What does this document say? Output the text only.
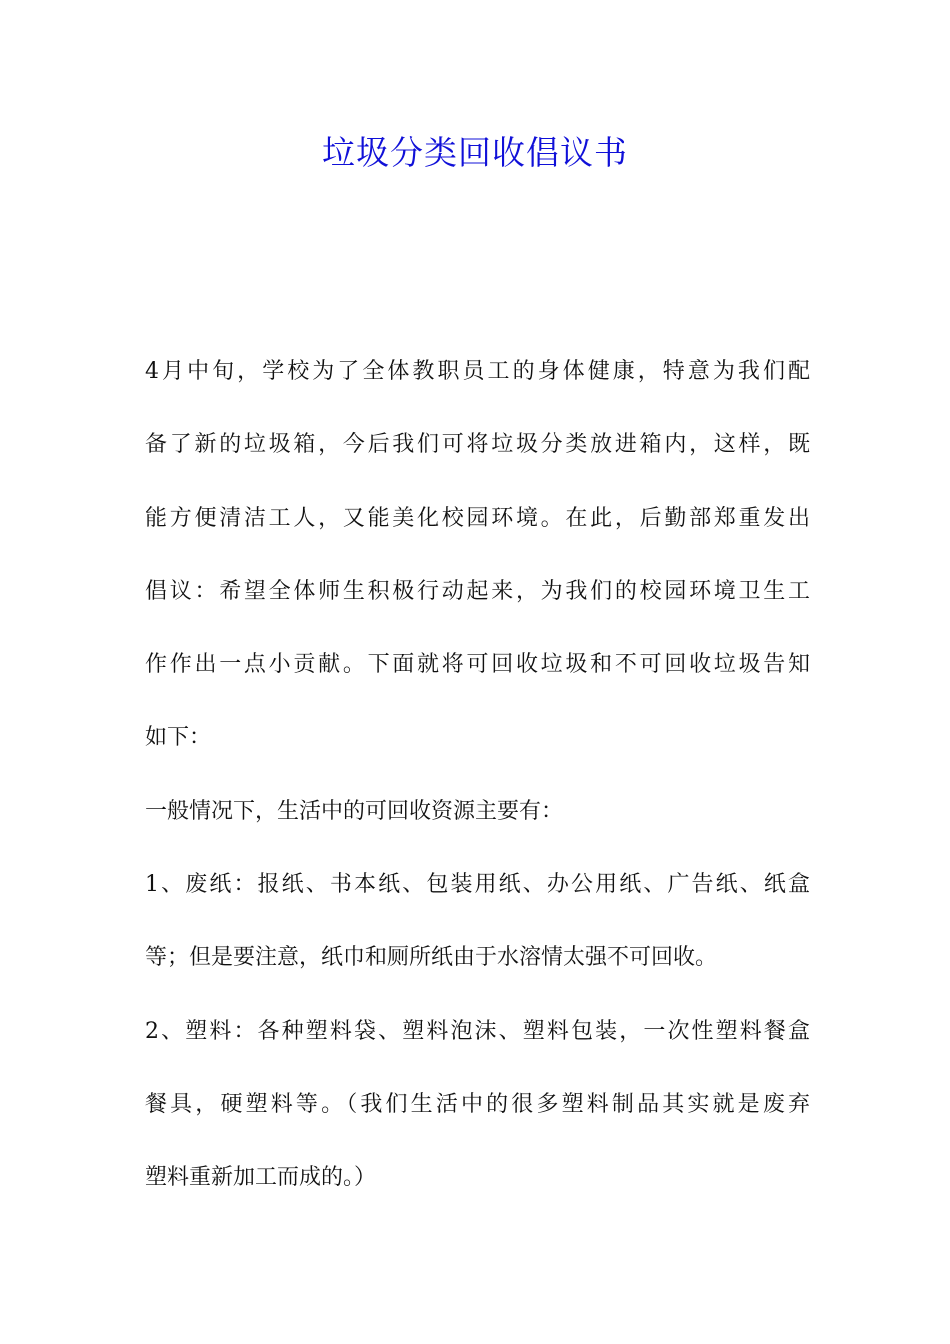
垃圾分类回收倡议书
4月中旬，学校为了全体教职员工的身体健康，特意为我们配
备了新的垃圾箱，今后我们可将垃圾分类放进箱内，这样，既
能方便清洁工人，又能美化校园环境。在此，后勤部郑重发出
倡议：希望全体师生积极行动起来，为我们的校园环境卫生工
作作出一点小贡献。下面就将可回收垃圾和不可回收垃圾告知
如下：
一般情况下，生活中的可回收资源主要有：
1、废纸：报纸、书本纸、包装用纸、办公用纸、广告纸、纸盒
等；但是要注意，纸巾和厕所纸由于水溶情太强不可回收。
2、塑料：各种塑料袋、塑料泡沫、塑料包装，一次性塑料餐盒
餐具，硬塑料等。（我们生活中的很多塑料制品其实就是废弃
塑料重新加工而成的。）
